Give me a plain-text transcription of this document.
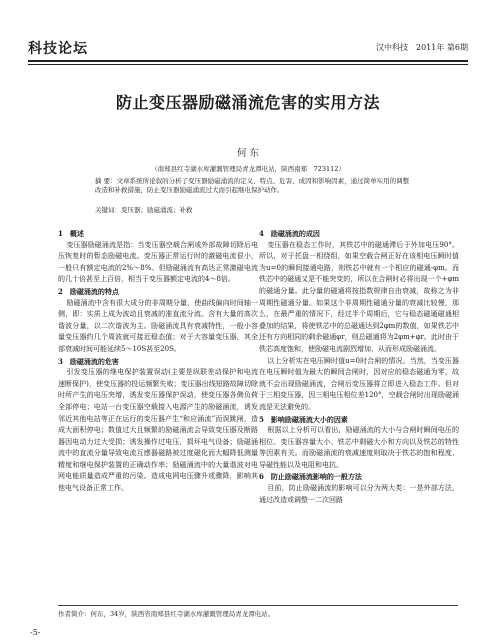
科技论坛	汉中科技　2011年 第6期
防止变压器励磁涌流危害的实用方法
何 东
（南郑县红寺湖水库灌溉管理局青龙潭电站，陕西南郑　723112）
摘 要：文章系统所论叙的分析了变压器励磁涌流的定义、特点、危害、成因和影响因素，通过简单实用的调整改造和补救措施，防止变压器励磁涌流过大而引起继电保护动作。
关键词：变压器；励磁涌流；补救
1　概述
变压器励磁涌流是指：当变压器空载合闸或外部故障切除后电压恢复时的暂态励磁电流。变压器正常运行时的激磁电流很小，一般只有额定电流的2%～8%。但励磁涌流有高达正常激磁电流的几十倍甚至上百倍，相当于变压器额定电流的4～8倍。
2　励磁涌流的特点
励磁涌流中含有很大成分的非周期分量，使曲线偏向时间轴一侧，即：实质上成为波动且衰减的准直流分流。含有大量的高次谐波分量，以二次谐波为主。励磁涌流具有衰减特性，一般小容量变压器约几个周波就可接近稳态值；对于大容量变压器，其全部衰减时间可能延续5～10S甚至20S。
3　励磁涌流的危害
引发变压器的继电保护装置误动(主要是纵联差动保护和电流速断保护)，使变压器的投运频繁失败；变压器出线短路故障切除时所产生的电压突增，诱发变压器保护误动，使变压器各侧负荷全部停电；电站一台变压器空载接入电源产生的励磁涌流，诱发邻近其他电站等正在运行的变压器产生“和应涌流”而误跳闸，造成大面积停电；数值过大且频繁的励磁涌流会导致变压器及断路器因电动力过大受损；诱发操作过电压，损坏电气设备；励磁涌流中的直流分量导致电流互感器磁路被过度磁化而大幅降低测量精度和继电保护装置的正确动作率；励磁涌流中的大量谐波对电网电能质量造成严重的污染。造成电网电压骤升或骤降，影响其他电气设备正常工作。
4　励磁涌流的成因
变压器在稳态工作时，其铁芯中的磁通滞后于外加电压90°。所以，对于托盘一相绕组，如果空载合闸正好在该相电压瞬时值为u=0的瞬间接通电路，则铁芯中就有一个相应的磁通-φm。而铁芯中的磁通又是不能突变的，所以在合闸时必将出现一个+φm的磁通分量。此分量的磁通将按指数规律自由衰减，故称之为非周期性磁通分量。如果这个非周期性磁通分量的衰减比较慢，那么，在最严重的情况下，经过半个周期后，它与稳态磁通磁通相叠加的结果，将使铁芯中的总磁通达到2φm的数值，如果铁芯中还有方向相同的剩余磁通φr，则总磁通将为2φm+φr。此时由于铁芯高度饱和，使励磁电流剧烈增加，从而形成励磁涌流。
以上分析实在电压瞬时值u=0时合闸的情况。当然，当变压器在电压瞬时值为最大的瞬间合闸时，因对应的稳态磁通为零，故就不会出现励磁涌流，合闸后变压器将立即进入稳态工作。但对于三相变压器，因三相电压相位差120°，空载合闸时出现励磁涌流是无法避免的。
5　影响励磁涌流大小的因素
根据以上分析可以看出，励磁涌流的大小与合闸时瞬间电压的相位、变压器容量大小、铁芯中剩磁大小和方向以及铁芯的特性等因素有关。而励磁涌流的衰减速度则取决于铁芯的饱和程度、导磁性能以及电阻和电抗。
6　防止励磁涌流影响的一般方法
目前，防止励磁涌流的影响可以分为两大类：一是外部方法，通过改造或调整一二次回路
作者简介：何东，34岁，陕西省南郑县红寺湖水库灌溉管理局青龙潭电站。
-5-
